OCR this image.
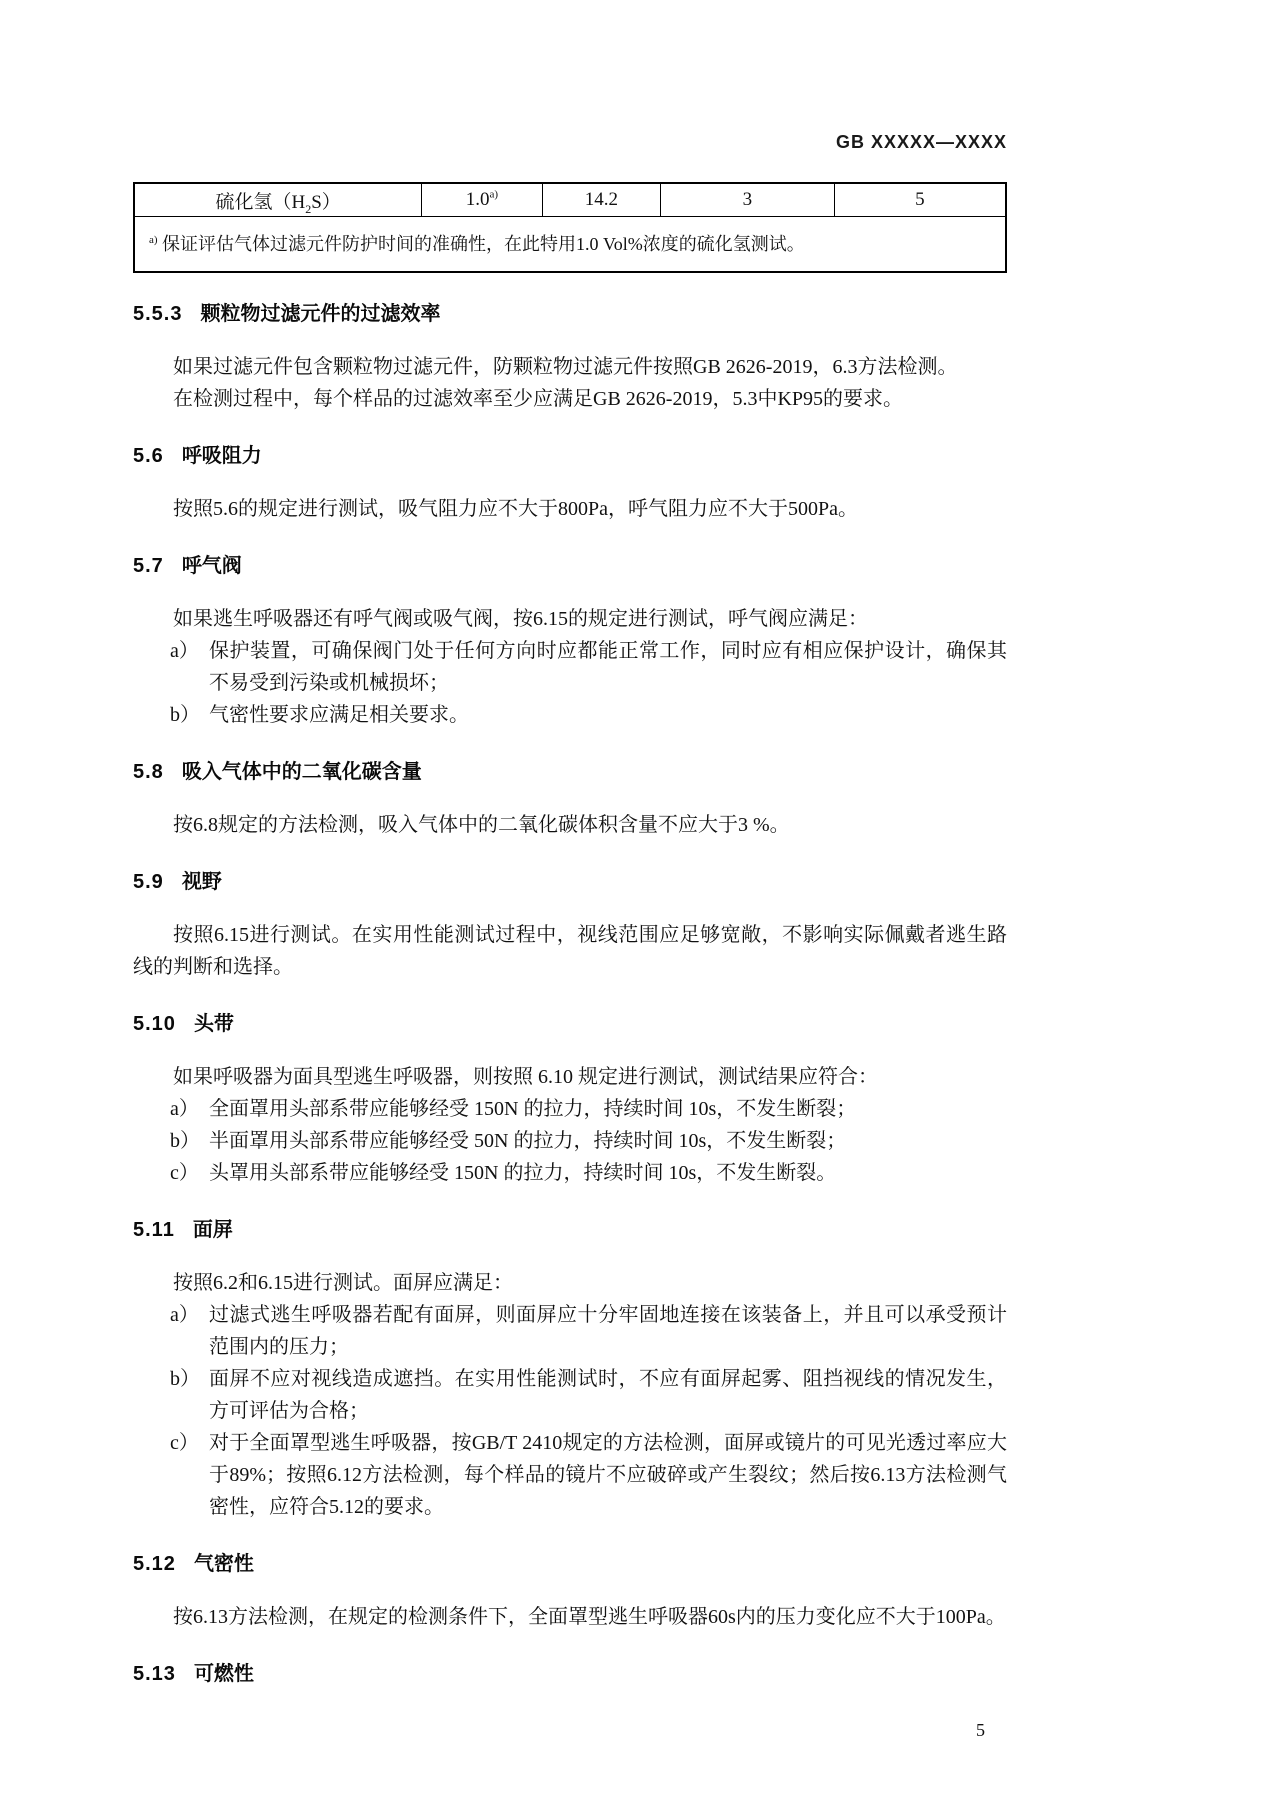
GB XXXXX—XXXX
硫化氢$(H_2S)$	1.0$^{a)}$	14.2	3	5
$^{a)}$ 保证评估气体过滤元件防护时间的准确性，在此特用1.0 Vol%浓度的硫化氢测试。
5.5.3 颗粒物过滤元件的过滤效率

如果过滤元件包含颗粒物过滤元件，防颗粒物过滤元件按照GB 2626-2019，6.3方法检测。

在检测过程中，每个样品的过滤效率至少应满足GB 2626-2019，5.3中KP95的要求。

5.6 呼吸阻力

按照5.6的规定进行测试，吸气阻力应不大于800Pa，呼气阻力应不大于500Pa。

5.7 呼气阀

如果逃生呼吸器还有呼气阀或吸气阀，按6.15的规定进行测试，呼气阀应满足：

a） 保护装置，可确保阀门处于任何方向时应都能正常工作，同时应有相应保护设计，确保其不易受到污染或机械损坏；
b） 气密性要求应满足相关要求。
5.8 吸入气体中的二氧化碳含量

按6.8规定的方法检测，吸入气体中的二氧化碳体积含量不应大于3 %。

5.9 视野

按照6.15进行测试。在实用性能测试过程中，视线范围应足够宽敞，不影响实际佩戴者逃生路线的判断和选择。

5.10 头带

如果呼吸器为面具型逃生呼吸器，则按照 6.10 规定进行测试，测试结果应符合：

a） 全面罩用头部系带应能够经受 150N 的拉力，持续时间 10s，不发生断裂；
b） 半面罩用头部系带应能够经受 50N 的拉力，持续时间 10s，不发生断裂；
c） 头罩用头部系带应能够经受 150N 的拉力，持续时间 10s，不发生断裂。
5.11 面屏

按照6.2和6.15进行测试。面屏应满足：

a） 过滤式逃生呼吸器若配有面屏，则面屏应十分牢固地连接在该装备上，并且可以承受预计范围内的压力；
b） 面屏不应对视线造成遮挡。在实用性能测试时，不应有面屏起雾、阻挡视线的情况发生，方可评估为合格；
c） 对于全面罩型逃生呼吸器，按GB/T 2410规定的方法检测，面屏或镜片的可见光透过率应大于89%；按照6.12方法检测，每个样品的镜片不应破碎或产生裂纹；然后按6.13方法检测气密性，应符合5.12的要求。
5.12 气密性

按6.13方法检测，在规定的检测条件下，全面罩型逃生呼吸器60s内的压力变化应不大于100Pa。

5.13 可燃性
5
